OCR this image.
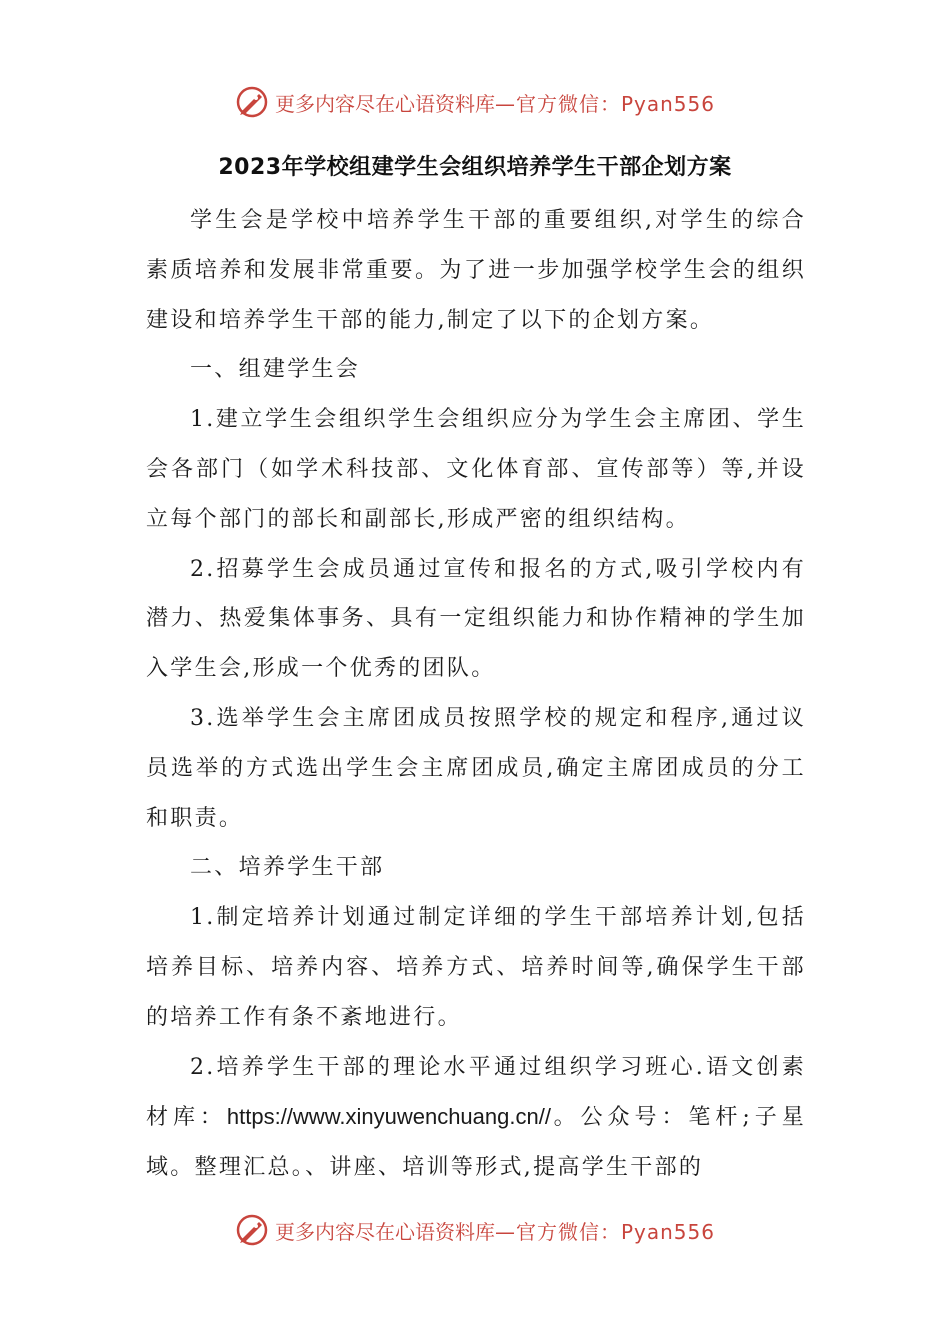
更多内容尽在心语资料库 —官方微信：Pyan556
2023年学校组建学生会组织培养学生干部企划方案

学生会是学校中培养学生干部的重要组织,对学生的综合素质培养和发展非常重要。为了进一步加强学校学生会的组织建设和培养学生干部的能力,制定了以下的企划方案。

一、组建学生会

1.建立学生会组织学生会组织应分为学生会主席团、学生会各部门（如学术科技部、文化体育部、宣传部等）等,并设立每个部门的部长和副部长,形成严密的组织结构。

2.招募学生会成员通过宣传和报名的方式,吸引学校内有潜力、热爱集体事务、具有一定组织能力和协作精神的学生加入学生会,形成一个优秀的团队。

3.选举学生会主席团成员按照学校的规定和程序,通过议员选举的方式选出学生会主席团成员,确定主席团成员的分工和职责。

二、培养学生干部

1.制定培养计划通过制定详细的学生干部培养计划,包括培养目标、培养内容、培养方式、培养时间等,确保学生干部的培养工作有条不紊地进行。

2.培养学生干部的理论水平通过组织学习班心.语文创素材库：https://www.xinyuwenchuang.cn//。公众号：笔杆;子星域。整理汇总。、讲座、培训等形式,提高学生干部的

更多内容尽在心语资料库 —官方微信：Pyan556
